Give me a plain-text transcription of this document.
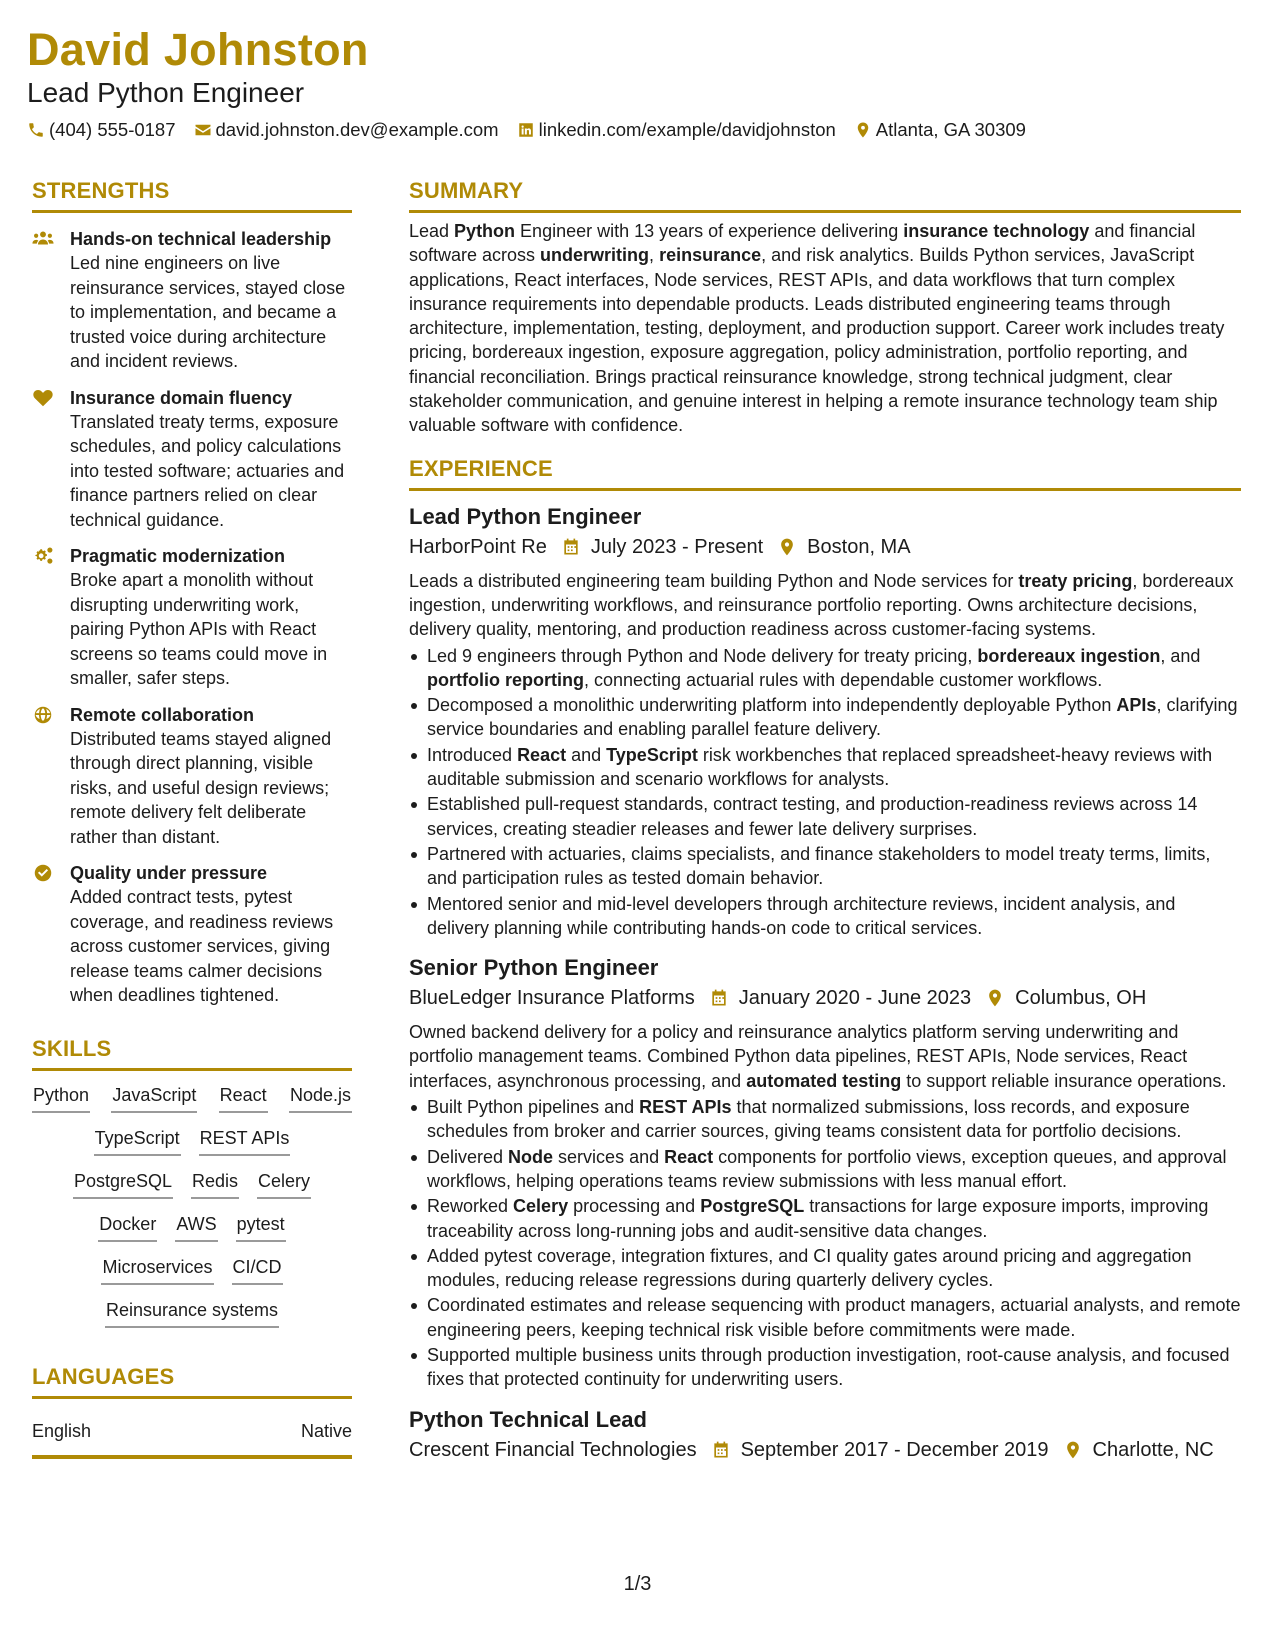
David Johnston
Lead Python Engineer
(404) 555-0187 david.johnston.dev@example.com linkedin.com/example/davidjohnston Atlanta, GA 30309
STRENGTHS
Hands-on technical leadership
Led nine engineers on live reinsurance services, stayed close to implementation, and became a trusted voice during architecture and incident reviews.
Insurance domain fluency
Translated treaty terms, exposure schedules, and policy calculations into tested software; actuaries and finance partners relied on clear technical guidance.
Pragmatic modernization
Broke apart a monolith without disrupting underwriting work, pairing Python APIs with React screens so teams could move in smaller, safer steps.
Remote collaboration
Distributed teams stayed aligned through direct planning, visible risks, and useful design reviews; remote delivery felt deliberate rather than distant.
Quality under pressure
Added contract tests, pytest coverage, and readiness reviews across customer services, giving release teams calmer decisions when deadlines tightened.
SKILLS
Python JavaScript React Node.js
TypeScript REST APIs
PostgreSQL Redis Celery
Docker AWS pytest
Microservices CI/CD
Reinsurance systems
LANGUAGES
English	Native
SUMMARY

Lead Python Engineer with 13 years of experience delivering insurance technology and financial software across underwriting, reinsurance, and risk analytics. Builds Python services, JavaScript applications, React interfaces, Node services, REST APIs, and data workflows that turn complex insurance requirements into dependable products. Leads distributed engineering teams through architecture, implementation, testing, deployment, and production support. Career work includes treaty pricing, bordereaux ingestion, exposure aggregation, policy administration, portfolio reporting, and financial reconciliation. Brings practical reinsurance knowledge, strong technical judgment, clear stakeholder communication, and genuine interest in helping a remote insurance technology team ship valuable software with confidence.

EXPERIENCE
Lead Python Engineer
HarborPoint Re July 2023 - Present Boston, MA

Leads a distributed engineering team building Python and Node services for treaty pricing, bordereaux ingestion, underwriting workflows, and reinsurance portfolio reporting. Owns architecture decisions, delivery quality, mentoring, and production readiness across customer-facing systems.

Led 9 engineers through Python and Node delivery for treaty pricing, bordereaux ingestion, and portfolio reporting, connecting actuarial rules with dependable customer workflows.
Decomposed a monolithic underwriting platform into independently deployable Python APIs, clarifying service boundaries and enabling parallel feature delivery.
Introduced React and TypeScript risk workbenches that replaced spreadsheet-heavy reviews with auditable submission and scenario workflows for analysts.
Established pull-request standards, contract testing, and production-readiness reviews across 14 services, creating steadier releases and fewer late delivery surprises.
Partnered with actuaries, claims specialists, and finance stakeholders to model treaty terms, limits, and participation rules as tested domain behavior.
Mentored senior and mid-level developers through architecture reviews, incident analysis, and delivery planning while contributing hands-on code to critical services.
Senior Python Engineer
BlueLedger Insurance Platforms January 2020 - June 2023 Columbus, OH

Owned backend delivery for a policy and reinsurance analytics platform serving underwriting and portfolio management teams. Combined Python data pipelines, REST APIs, Node services, React interfaces, asynchronous processing, and automated testing to support reliable insurance operations.

Built Python pipelines and REST APIs that normalized submissions, loss records, and exposure schedules from broker and carrier sources, giving teams consistent data for portfolio decisions.
Delivered Node services and React components for portfolio views, exception queues, and approval workflows, helping operations teams review submissions with less manual effort.
Reworked Celery processing and PostgreSQL transactions for large exposure imports, improving traceability across long-running jobs and audit-sensitive data changes.
Added pytest coverage, integration fixtures, and CI quality gates around pricing and aggregation modules, reducing release regressions during quarterly delivery cycles.
Coordinated estimates and release sequencing with product managers, actuarial analysts, and remote engineering peers, keeping technical risk visible before commitments were made.
Supported multiple business units through production investigation, root-cause analysis, and focused fixes that protected continuity for underwriting users.
Python Technical Lead
Crescent Financial Technologies September 2017 - December 2019 Charlotte, NC
1/3
